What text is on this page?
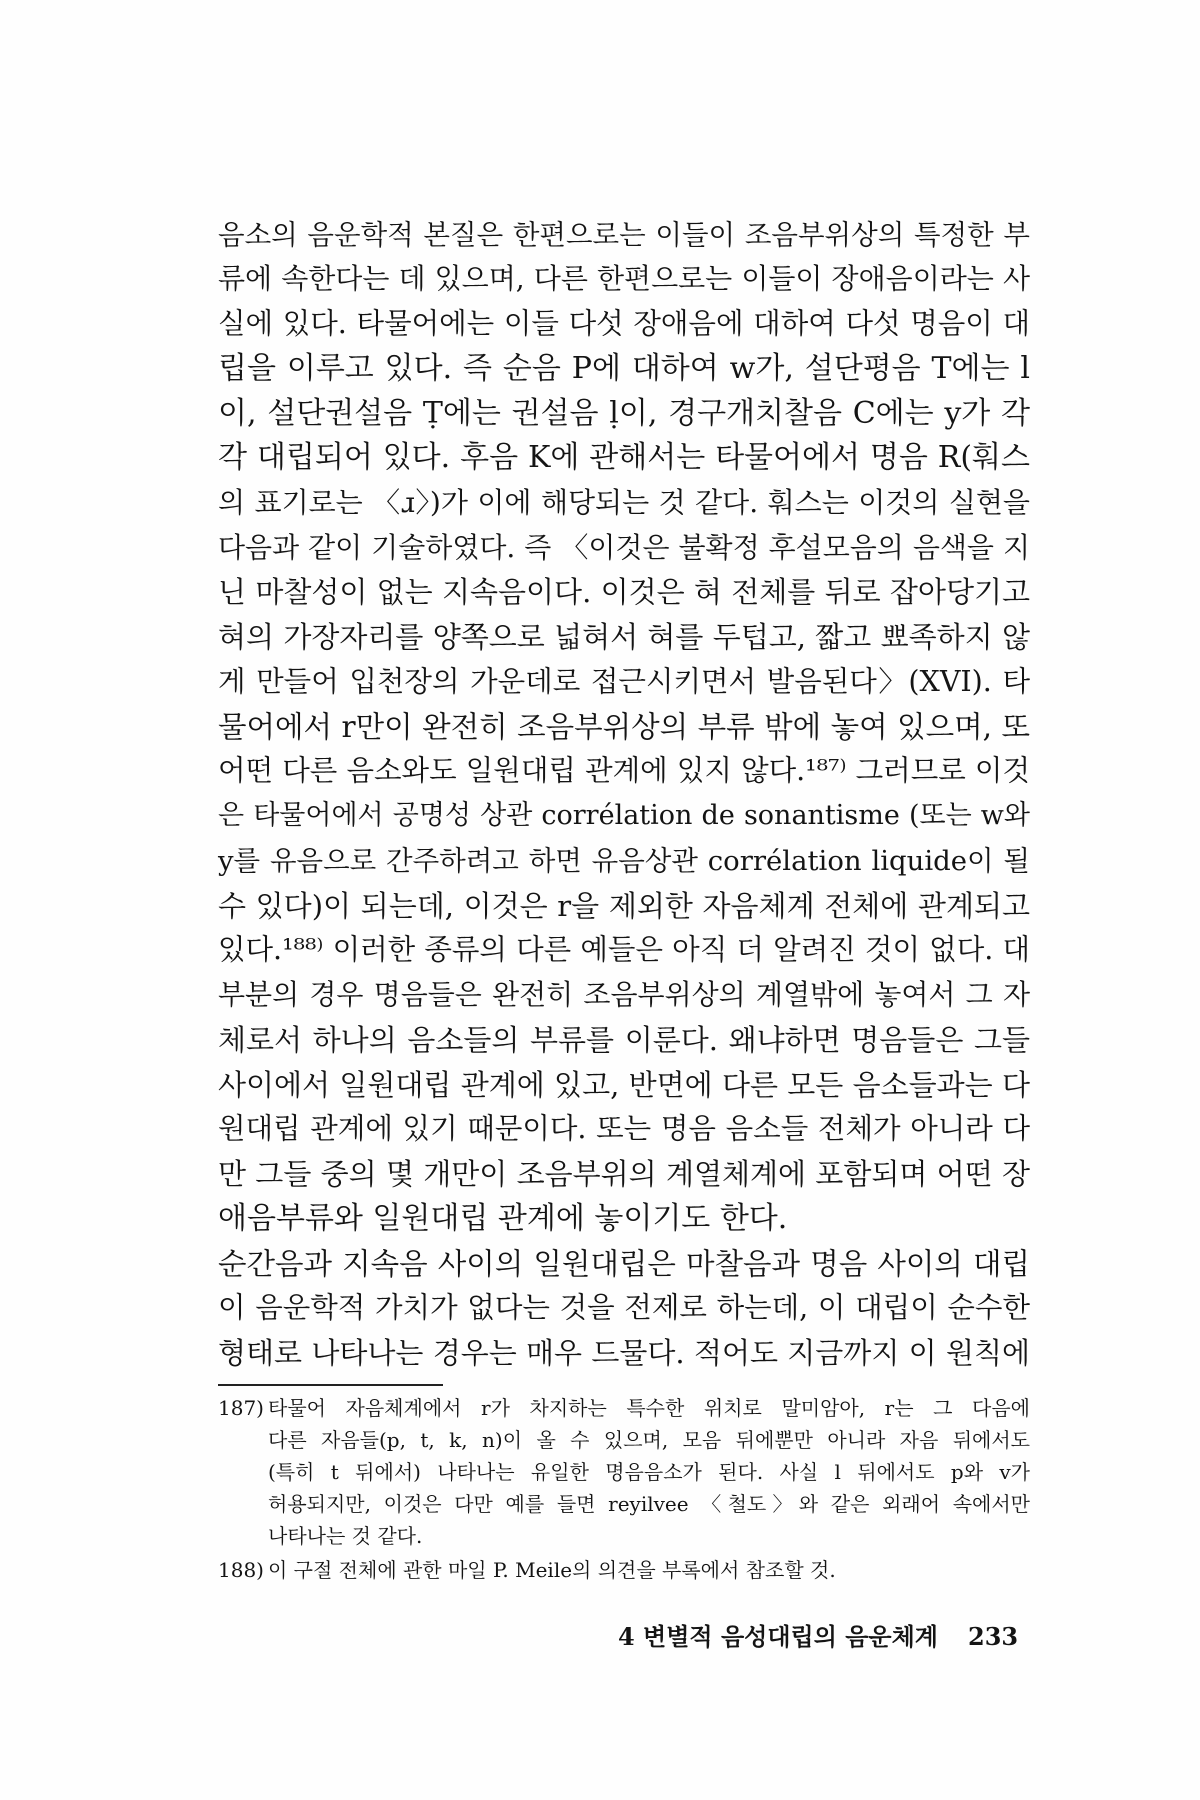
음소의 음운학적 본질은 한편으로는 이들이 조음부위상의 특정한 부
류에 속한다는 데 있으며, 다른 한편으로는 이들이 장애음이라는 사
실에 있다. 타물어에는 이들 다섯 장애음에 대하여 다섯 명음이 대
립을 이루고 있다. 즉 순음 P에 대하여 w가, 설단평음 T에는 l
이, 설단권설음 Ṭ에는 권설음 ḷ이, 경구개치찰음 C에는 y가 각
각 대립되어 있다. 후음 K에 관해서는 타물어에서 명음 R(훠스
의 표기로는 〈ɹ〉)가 이에 해당되는 것 같다. 훠스는 이것의 실현을
다음과 같이 기술하였다. 즉 〈이것은 불확정 후설모음의 음색을 지
닌 마찰성이 없는 지속음이다. 이것은 혀 전체를 뒤로 잡아당기고
혀의 가장자리를 양쪽으로 넓혀서 혀를 두텁고, 짧고 뾰족하지 않
게 만들어 입천장의 가운데로 접근시키면서 발음된다〉(XVI). 타
물어에서 r만이 완전히 조음부위상의 부류 밖에 놓여 있으며, 또
어떤 다른 음소와도 일원대립 관계에 있지 않다.¹⁸⁷⁾ 그러므로 이것
은 타물어에서 공명성 상관 corrélation de sonantisme (또는 w와
y를 유음으로 간주하려고 하면 유음상관 corrélation liquide이 될
수 있다)이 되는데, 이것은 r을 제외한 자음체계 전체에 관계되고
있다.¹⁸⁸⁾ 이러한 종류의 다른 예들은 아직 더 알려진 것이 없다. 대
부분의 경우 명음들은 완전히 조음부위상의 계열밖에 놓여서 그 자
체로서 하나의 음소들의 부류를 이룬다. 왜냐하면 명음들은 그들
사이에서 일원대립 관계에 있고, 반면에 다른 모든 음소들과는 다
원대립 관계에 있기 때문이다. 또는 명음 음소들 전체가 아니라 다
만 그들 중의 몇 개만이 조음부위의 계열체계에 포함되며 어떤 장
애음부류와 일원대립 관계에 놓이기도 한다.
순간음과 지속음 사이의 일원대립은 마찰음과 명음 사이의 대립
이 음운학적 가치가 없다는 것을 전제로 하는데, 이 대립이 순수한
형태로 나타나는 경우는 매우 드물다. 적어도 지금까지 이 원칙에
187) 타물어 자음체계에서 r가 차지하는 특수한 위치로 말미암아, r는 그 다음에
다른 자음들(p, t, k, n)이 올 수 있으며, 모음 뒤에뿐만 아니라 자음 뒤에서도
(특히 t 뒤에서) 나타나는 유일한 명음음소가 된다. 사실 l 뒤에서도 p와 v가
허용되지만, 이것은 다만 예를 들면 reyilvee 〈철도〉와 같은 외래어 속에서만
나타나는 것 같다.
188) 이 구절 전체에 관한 마일 P. Meile의 의견을 부록에서 참조할 것.
4 변별적 음성대립의 음운체계 233
